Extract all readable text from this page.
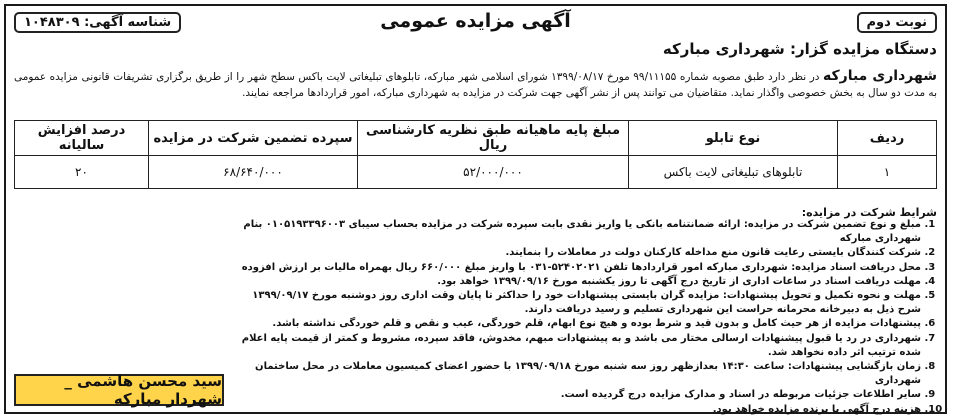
نوبت دوم
آگهی مزایده عمومی
شناسه آگهی: ۱۰۴۸۳۰۹
دستگاه مزایده گزار: شهرداری مبارکه
شهرداری مبارکه در نظر دارد طبق مصوبه شماره ۹۹/۱۱۱۵۵ مورخ ۱۳۹۹/۰۸/۱۷ شورای اسلامی شهر مبارکه، تابلوهای تبلیغاتی لایت باکس سطح شهر را از طریق برگزاری تشریفات قانونی مزایده عمومی به مدت دو سال به بخش خصوصی واگذار نماید. متقاضیان می توانند پس از نشر آگهی جهت شرکت در مزایده به شهرداری مبارکه، امور قراردادها مراجعه نمایند.
ردیف	نوع تابلو	مبلغ پایه ماهیانه طبق نظریه کارشناسی ریال	سپرده تضمین شرکت در مزایده	درصد افزایش سالیانه
۱	تابلوهای تبلیغاتی لایت باکس	۵۲/۰۰۰/۰۰۰	۶۸/۶۴۰/۰۰۰	۲۰
شرایط شرکت در مزایده:
1. مبلغ و نوع تضمین شرکت در مزایده: ارائه ضمانتنامه بانکی یا واریز نقدی بابت سپرده شرکت در مزایده بحساب سیبای ۰۱۰۵۱۹۳۳۹۶۰۰۳ بنام شهرداری مبارکه
2. شرکت کنندگان بایستی رعایت قانون منع مداخله کارکنان دولت در معاملات را بنمایند.
3. محل دریافت اسناد مزایده: شهرداری مبارکه امور قراردادها تلفن ۵۲۴۰۲۰۲۱-۰۳۱ با واریز مبلغ ۶۶۰/۰۰۰ ریال بهمراه مالیات بر ارزش افزوده
4. مهلت دریافت اسناد در ساعات اداری از تاریخ درج آگهی تا روز یکشنبه مورخ ۱۳۹۹/۰۹/۱۶ خواهد بود.
5. مهلت و نحوه تکمیل و تحویل پیشنهادات: مزایده گران بایستی پیشنهادات خود را حداکثر تا پایان وقت اداری روز دوشنبه مورخ ۱۳۹۹/۰۹/۱۷ شرح ذیل به دبیرخانه محرمانه حراست این شهرداری تسلیم و رسید دریافت دارند.
6. پیشنهادات مزایده از هر حیث کامل و بدون قید و شرط بوده و هیچ نوع ابهام، قلم خوردگی، عیب و نقص و قلم خوردگی نداشته باشد.
7. شهرداری در رد یا قبول پیشنهادات ارسالی مختار می باشد و به پیشنهادات مبهم، مخدوش، فاقد سپرده، مشروط و کمتر از قیمت پایه اعلام شده ترتیب اثر داده نخواهد شد.
8. زمان بازگشایی پیشنهادات: ساعت ۱۴:۳۰ بعدازظهر روز سه شنبه مورخ ۱۳۹۹/۰۹/۱۸ با حضور اعضای کمیسیون معاملات در محل ساختمان شهرداری
9. سایر اطلاعات جزئیات مربوطه در اسناد و مدارک مزایده درج گردیده است.
10. هزینه درج آگهی با برنده مزایده خواهد بود.
سید محسن هاشمی _ شهردار مبارکه
